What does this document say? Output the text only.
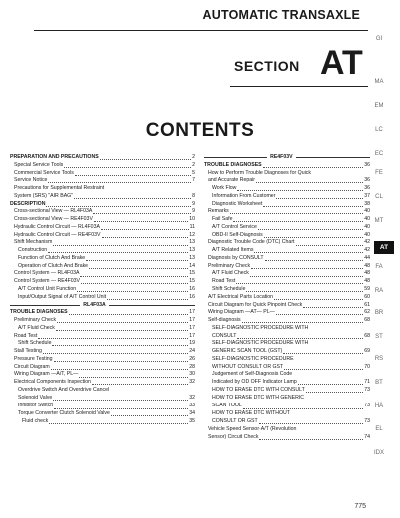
AUTOMATIC TRANSAXLE
SECTION AT
CONTENTS
PREPARATION AND PRECAUTIONS	2
Special Service Tools	2
Commercial Service Tools	5
Service Notice	7
Precautions for Supplemental Restraint
System (SRS) "AIR BAG"	8
DESCRIPTION	9
Cross-sectional View — RL4F03A	9
Cross-sectional View — RE4F03V	10
Hydraulic Control Circuit — RL4F03A	11
Hydraulic Control Circuit — RE4F03V	12
Shift Mechanism	13
Construction	13
Function of Clutch And Brake	13
Operation of Clutch And Brake	14
Control System — RL4F03A	15
Control System — RE4F03V	15
A/T Control Unit Function	16
Input/Output Signal of A/T Control Unit	16
RL4F03A
TROUBLE DIAGNOSES	17
Preliminary Check	17
A/T Fluid Check	17
Road Test	17
Shift Schedule	19
Stall Testing	24
Pressure Testing	26
Circuit Diagram	28
Wiring Diagram —A/T, PL—	30
Electrical Components Inspection	32
Overdrive Switch And Overdrive Cancel
Solenoid Valve	32
Inhibitor Switch	33
Torque Converter Clutch Solenoid Valve	34
Fluid check	35
RE4F03V
TROUBLE DIAGNOSES	36
How to Perform Trouble Diagnoses for Quick
and Accurate Repair	36
Work Flow	36
Information From Customer	37
Diagnostic Worksheet	38
Remarks	40
Fail Safe	40
A/T Control Service	40
OBD-II Self-Diagnosis	40
Diagnostic Trouble Code (DTC) Chart	42
A/T Related Items	42
Diagnosis by CONSULT	44
Preliminary Check	48
A/T Fluid Check	48
Road Test	48
Shift Schedule	59
A/T Electrical Parts Location	60
Circuit Diagram for Quick Pinpoint Check	61
Wiring Diagram —AT— PL—	62
Self-diagnosis	68
SELF-DIAGNOSTIC PROCEDURE WITH
CONSULT	68
SELF-DIAGNOSTIC PROCEDURE WITH
GENERIC SCAN TOOL (GST)	69
SELF-DIAGNOSTIC PROCEDURE
WITHOUT CONSULT OR GST	70
Judgement of Self-Diagnosis Code
Indicated by OD OFF Indicator Lamp	71
HOW TO ERASE DTC WITH CONSULT	73
HOW TO ERASE DTC WITH GENERIC
SCAN TOOL	73
HOW TO ERASE DTC WITHOUT
CONSULT OR GST	73
Vehicle Speed Sensor·A/T (Revolution
Sensor) Circuit Check	74
GI
MA
EM
LC
EC
FE
CL
MT
AT
FA
RA
BR
ST
RS
BT
HA
EL
IDX
775
